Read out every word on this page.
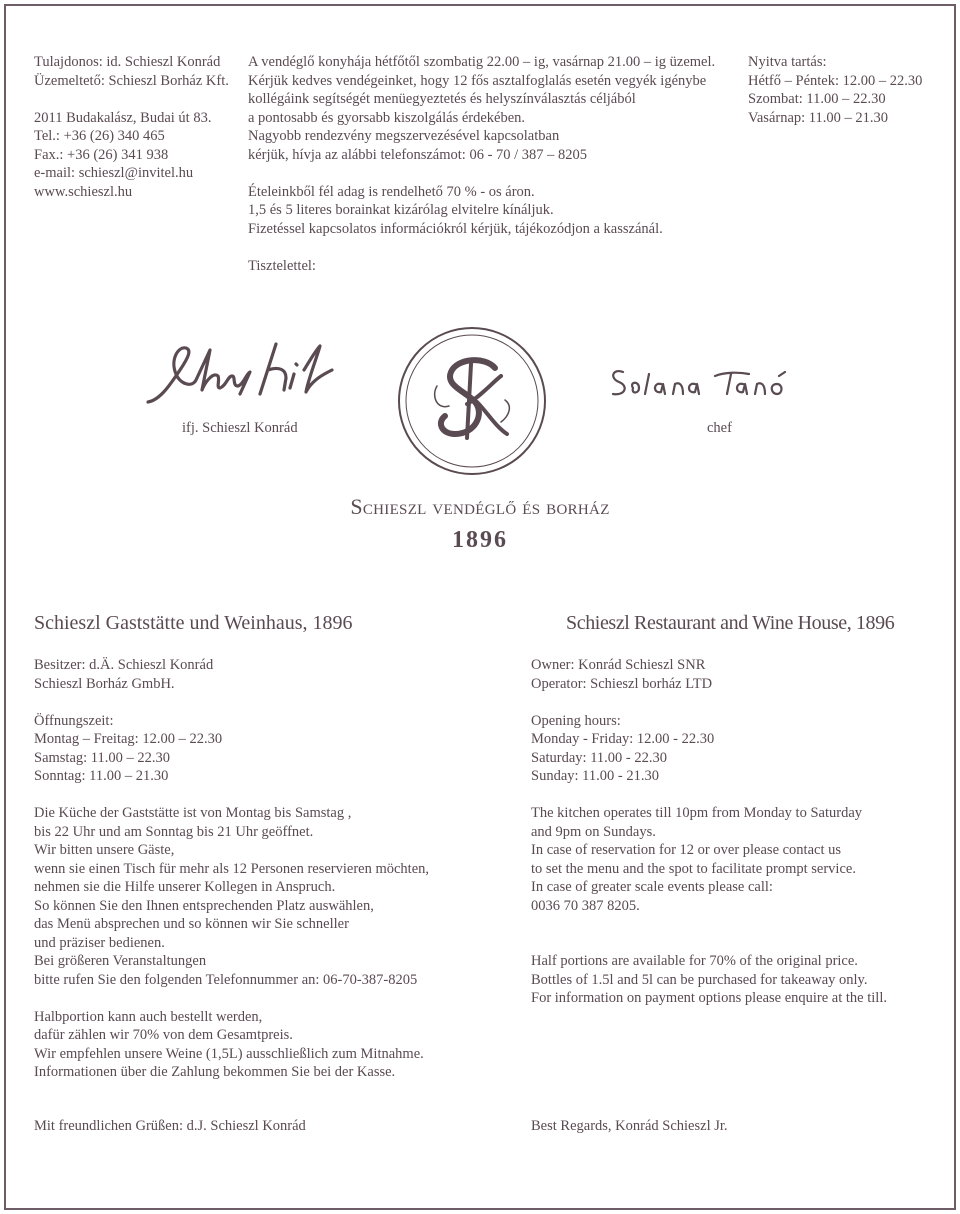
Tulajdonos: id. Schieszl Konrád
Üzemeltető: Schieszl Borház Kft.
2011 Budakalász, Budai út 83.
Tel.: +36 (26) 340 465
Fax.: +36 (26) 341 938
e-mail: schieszl@invitel.hu
www.schieszl.hu
A vendéglő konyhája hétfőtől szombatig 22.00 – ig, vasárnap 21.00 – ig üzemel.
Kérjük kedves vendégeinket, hogy 12 fős asztalfoglalás esetén vegyék igénybe
kollégáink segítségét menüegyeztetés és helyszínválasztás céljából
a pontosabb és gyorsabb kiszolgálás érdekében.
Nagyobb rendezvény megszervezésével kapcsolatban
kérjük, hívja az alábbi telefonszámot: 06 - 70 / 387 – 8205
Ételeinkből fél adag is rendelhető 70 % - os áron.
1,5 és 5 literes borainkat kizárólag elvitelre kínáljuk.
Fizetéssel kapcsolatos információkról kérjük, tájékozódjon a kasszánál.
Nyitva tartás:
Hétfő – Péntek: 12.00 – 22.30
Szombat: 11.00 – 22.30
Vasárnap: 11.00 – 21.30
Tisztelettel:
ifj. Schieszl Konrád	chef
Schieszl vendéglő és borház
1896
Schieszl Gaststätte und Weinhaus, 1896
Besitzer: d.Ä. Schieszl Konrád
Schieszl Borház GmbH.
Öffnungszeit:
Montag – Freitag: 12.00 – 22.30
Samstag: 11.00 – 22.30
Sonntag: 11.00 – 21.30
Die Küche der Gaststätte ist von Montag bis Samstag ,
bis 22 Uhr und am Sonntag bis 21 Uhr geöffnet.
Wir bitten unsere Gäste,
wenn sie einen Tisch für mehr als 12 Personen reservieren möchten,
nehmen sie die Hilfe unserer Kollegen in Anspruch.
So können Sie den Ihnen entsprechenden Platz auswählen,
das Menü absprechen und so können wir Sie schneller
und präziser bedienen.
Bei größeren Veranstaltungen
bitte rufen Sie den folgenden Telefonnummer an: 06-70-387-8205
Halbportion kann auch bestellt werden,
dafür zählen wir 70% von dem Gesamtpreis.
Wir empfehlen unsere Weine (1,5L) ausschließlich zum Mitnahme.
Informationen über die Zahlung bekommen Sie bei der Kasse.
Schieszl Restaurant and Wine House, 1896
Owner: Konrád Schieszl SNR
Operator: Schieszl borház LTD
Opening hours:
Monday - Friday: 12.00 - 22.30
Saturday: 11.00 - 22.30
Sunday: 11.00 - 21.30
The kitchen operates till 10pm from Monday to Saturday
and 9pm on Sundays.
In case of reservation for 12 or over please contact us
to set the menu and the spot to facilitate prompt service.
In case of greater scale events please call:
0036 70 387 8205.
Half portions are available for 70% of the original price.
Bottles of 1.5l and 5l can be purchased for takeaway only.
For information on payment options please enquire at the till.
Mit freundlichen Grüßen: d.J. Schieszl Konrád	Best Regards, Konrád Schieszl Jr.
